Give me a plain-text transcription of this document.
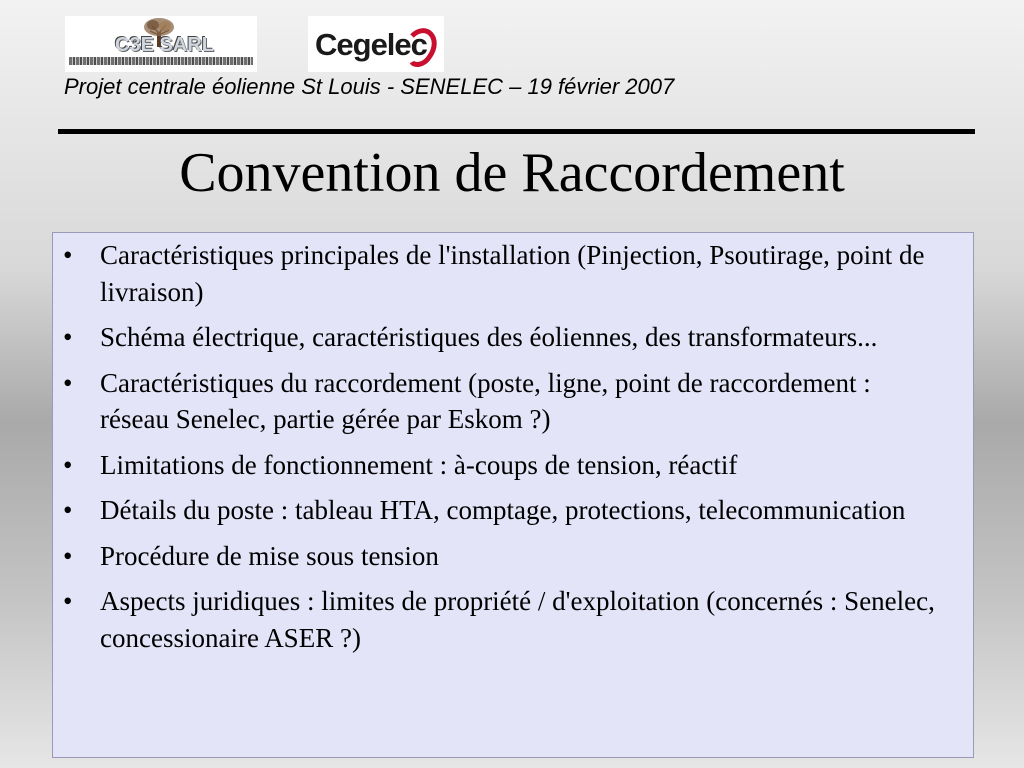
C3E SARL	Cegelec
Projet centrale éolienne St Louis - SENELEC – 19 février 2007
Convention de Raccordement
•	Caractéristiques principales de l'installation (Pinjection, Psoutirage, point de livraison)
•	Schéma électrique, caractéristiques des éoliennes, des transformateurs...
•	Caractéristiques du raccordement (poste, ligne, point de raccordement : réseau Senelec, partie gérée par Eskom ?)
•	Limitations de fonctionnement : à-coups de tension, réactif
•	Détails du poste : tableau HTA, comptage, protections, telecommunication
•	Procédure de mise sous tension
•	Aspects juridiques : limites de propriété / d'exploitation (concernés : Senelec, concessionaire ASER ?)
